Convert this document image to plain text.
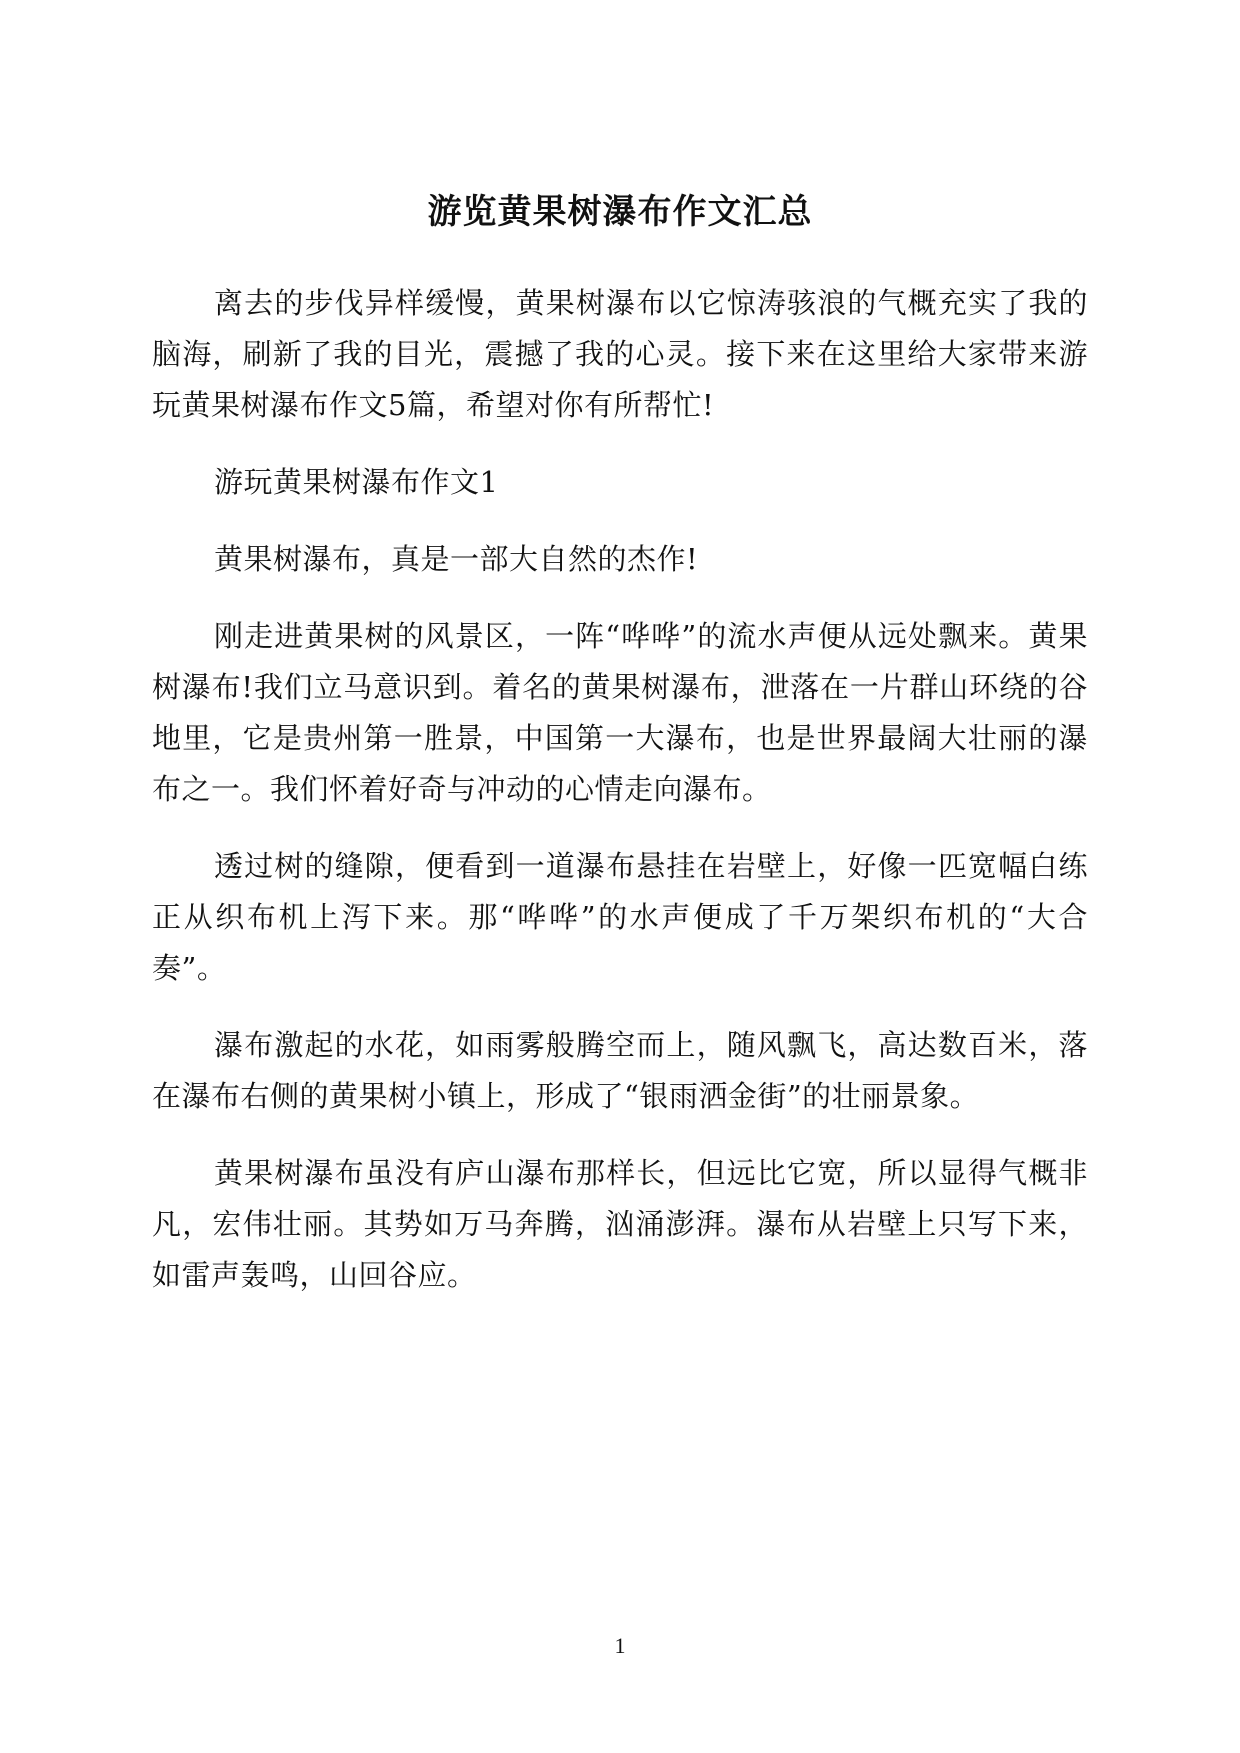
游览黄果树瀑布作文汇总

离去的步伐异样缓慢，黄果树瀑布以它惊涛骇浪的气概充实了我的脑海，刷新了我的目光，震撼了我的心灵。接下来在这里给大家带来游玩黄果树瀑布作文5篇，希望对你有所帮忙!

游玩黄果树瀑布作文1

黄果树瀑布，真是一部大自然的杰作!

刚走进黄果树的风景区，一阵“哗哗”的流水声便从远处飘来。黄果树瀑布!我们立马意识到。着名的黄果树瀑布，泄落在一片群山环绕的谷地里，它是贵州第一胜景，中国第一大瀑布，也是世界最阔大壮丽的瀑布之一。我们怀着好奇与冲动的心情走向瀑布。

透过树的缝隙，便看到一道瀑布悬挂在岩壁上，好像一匹宽幅白练正从织布机上泻下来。那“哗哗”的水声便成了千万架织布机的“大合奏”。

瀑布激起的水花，如雨雾般腾空而上，随风飘飞，高达数百米，落在瀑布右侧的黄果树小镇上，形成了“银雨洒金街”的壮丽景象。

黄果树瀑布虽没有庐山瀑布那样长，但远比它宽，所以显得气概非凡，宏伟壮丽。其势如万马奔腾，汹涌澎湃。瀑布从岩壁上只写下来，如雷声轰鸣，山回谷应。

1
